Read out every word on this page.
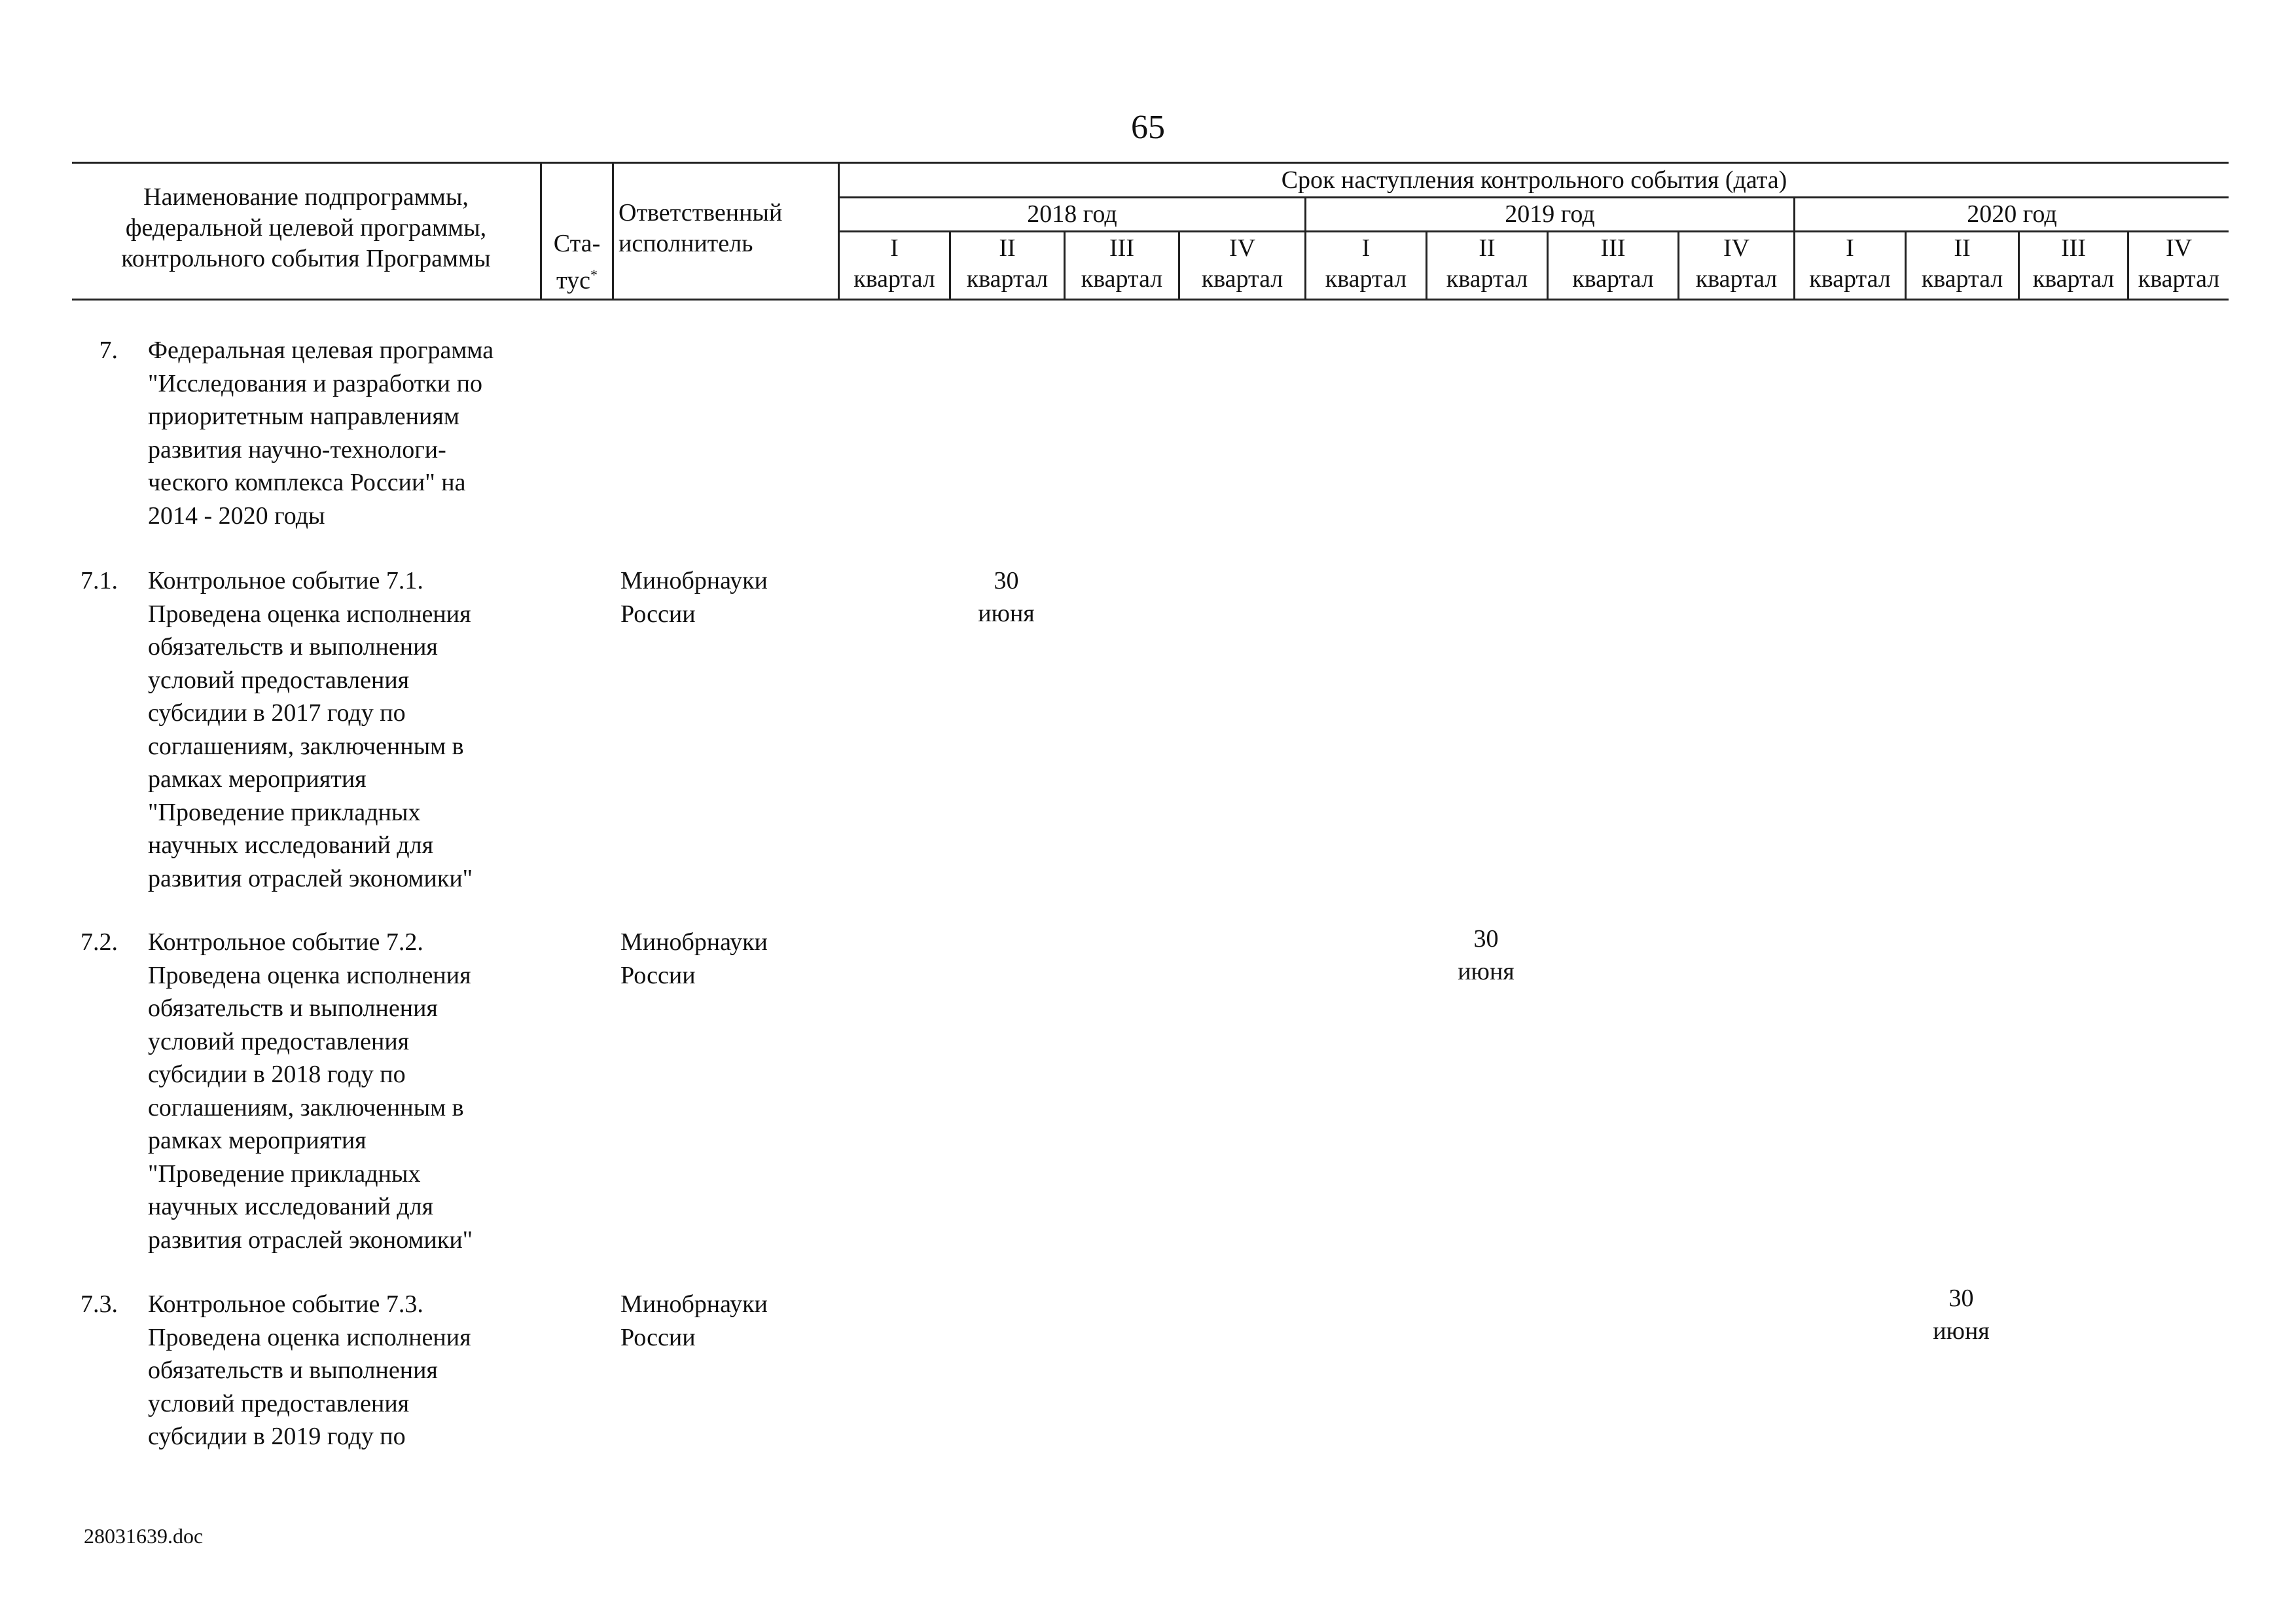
65
Наименование подпрограммы,
федеральной целевой программы,
контрольного события Программы

Ста-
тус*

Ответственный
исполнитель
Срок наступления контрольного события (дата)
2018 год	2019 год	2020 год
I
квартал
II
квартал
III
квартал
IV
квартал
I
квартал
II
квартал
III
квартал
IV
квартал
I
квартал
II
квартал
III
квартал
IV
квартал
7. Федеральная целевая программа
"Исследования и разработки по
приоритетным направлениям
развития научно-технологи-
ческого комплекса России" на
2014 - 2020 годы
7.1. Контрольное событие 7.1.
Проведена оценка исполнения
обязательств и выполнения
условий предоставления
субсидии в 2017 году по
соглашениям, заключенным в
рамках мероприятия
"Проведение прикладных
научных исследований для
развития отраслей экономики"
Минобрнауки
России
30
июня
7.2. Контрольное событие 7.2.
Проведена оценка исполнения
обязательств и выполнения
условий предоставления
субсидии в 2018 году по
соглашениям, заключенным в
рамках мероприятия
"Проведение прикладных
научных исследований для
развития отраслей экономики"
Минобрнауки
России
30
июня
7.3. Контрольное событие 7.3.
Проведена оценка исполнения
обязательств и выполнения
условий предоставления
субсидии в 2019 году по
Минобрнауки
России
30
июня
28031639.doc
